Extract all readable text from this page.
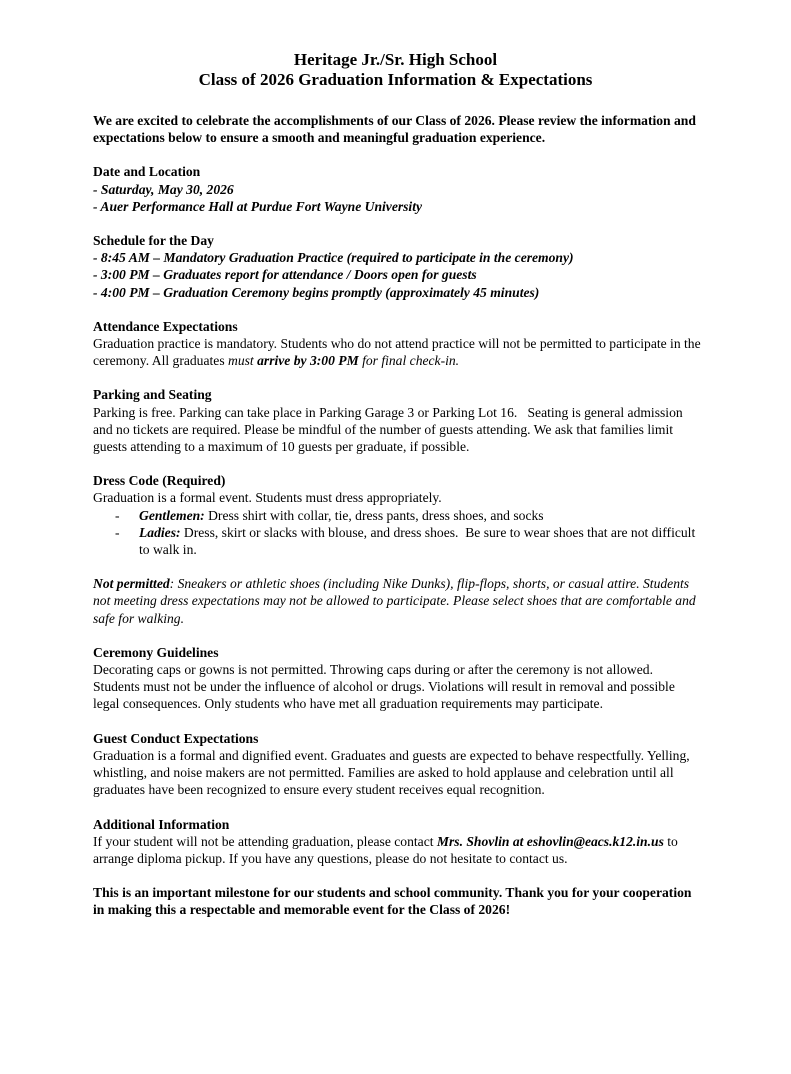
Heritage Jr./Sr. High School
Class of 2026 Graduation Information & Expectations

We are excited to celebrate the accomplishments of our Class of 2026. Please review the information and expectations below to ensure a smooth and meaningful graduation experience.

Date and Location
- Saturday, May 30, 2026
- Auer Performance Hall at Purdue Fort Wayne University
Schedule for the Day
- 8:45 AM – Mandatory Graduation Practice (required to participate in the ceremony)
- 3:00 PM – Graduates report for attendance / Doors open for guests
- 4:00 PM – Graduation Ceremony begins promptly (approximately 45 minutes)
Attendance Expectations

Graduation practice is mandatory. Students who do not attend practice will not be permitted to participate in the ceremony. All graduates must arrive by 3:00 PM for final check-in.

Parking and Seating

Parking is free. Parking can take place in Parking Garage 3 or Parking Lot 16.   Seating is general admission and no tickets are required. Please be mindful of the number of guests attending. We ask that families limit guests attending to a maximum of 10 guests per graduate, if possible.

Dress Code (Required)

Graduation is a formal event. Students must dress appropriately.

- Gentlemen: Dress shirt with collar, tie, dress pants, dress shoes, and socks
- Ladies: Dress, skirt or slacks with blouse, and dress shoes.  Be sure to wear shoes that are not difficult to walk in.

Not permitted: Sneakers or athletic shoes (including Nike Dunks), flip-flops, shorts, or casual attire. Students not meeting dress expectations may not be allowed to participate. Please select shoes that are comfortable and safe for walking.

Ceremony Guidelines

Decorating caps or gowns is not permitted. Throwing caps during or after the ceremony is not allowed. Students must not be under the influence of alcohol or drugs. Violations will result in removal and possible legal consequences. Only students who have met all graduation requirements may participate.

Guest Conduct Expectations

Graduation is a formal and dignified event. Graduates and guests are expected to behave respectfully. Yelling, whistling, and noise makers are not permitted. Families are asked to hold applause and celebration until all graduates have been recognized to ensure every student receives equal recognition.

Additional Information

If your student will not be attending graduation, please contact Mrs. Shovlin at eshovlin@eacs.k12.in.us to arrange diploma pickup. If you have any questions, please do not hesitate to contact us.

This is an important milestone for our students and school community. Thank you for your cooperation in making this a respectable and memorable event for the Class of 2026!
